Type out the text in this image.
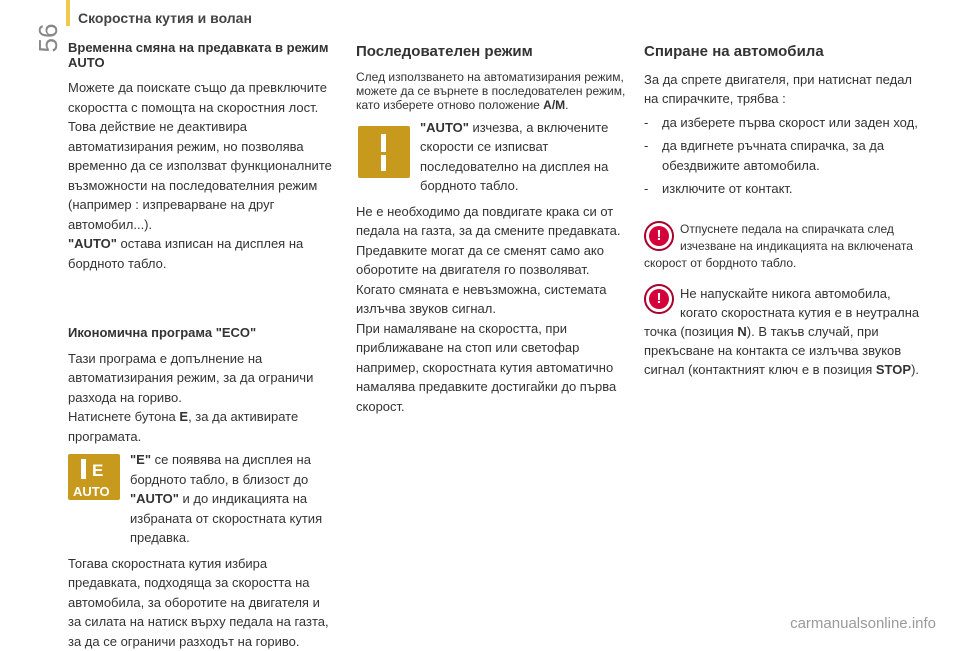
56
Скоростна кутия и волан
Временна смяна на предавката в режим AUTO

Можете да поискате също да превключите скоростта с помощта на скоростния лост. Това действие не деактивира автоматизирания режим, но позволява временно да се използват функционалните възможности на последователния режим (например : изпреварване на друг автомобил...).
"AUTO" остава изписан на дисплея на бордното табло.

Икономична програма "ECO"

Тази програма е допълнение на автоматизирания режим, за да ограничи разхода на гориво.

Натиснете бутона E, за да активирате програмата.

E
AUTO
"E" се появява на дисплея на бордното табло, в близост до "AUTO" и до индикацията на избраната от скоростната кутия предавка.

Тогава скоростната кутия избира предавката, подходяща за скоростта на автомобила, за оборотите на двигателя и за силата на натиск върху педала на газта, за да се ограничи разходът на гориво.

Последователен режим

След използването на автоматизирания режим, можете да се върнете в последователен режим, като изберете отново положение A/M.

"AUTO" изчезва, а включените скорости се изписват последователно на дисплея на бордното табло.

Не е необходимо да повдигате крака си от педала на газта, за да смените предавката.

Предавките могат да се сменят само ако оборотите на двигателя го позволяват.

Когато смяната е невъзможна, системата излъчва звуков сигнал.

При намаляване на скоростта, при приближаване на стоп или светофар например, скоростната кутия автоматично намалява предавките достигайки до първа скорост.

Спиране на автомобила

За да спрете двигателя, при натиснат педал на спирачките, трябва :

-	да изберете първа скорост или заден ход,
-	да вдигнете ръчната спирачка, за да обездвижите автомобила.
-	изключите от контакт.
!	Отпуснете педала на спирачката след изчезване на индикацията на включената скорост от бордното табло.
!	Не напускайте никога автомобила, когато скоростната кутия е в неутрална точка (позиция N). В такъв случай, при прекъсване на контакта се излъчва звуков сигнал (контактният ключ е в позиция STOP).
carmanualsonline.info
